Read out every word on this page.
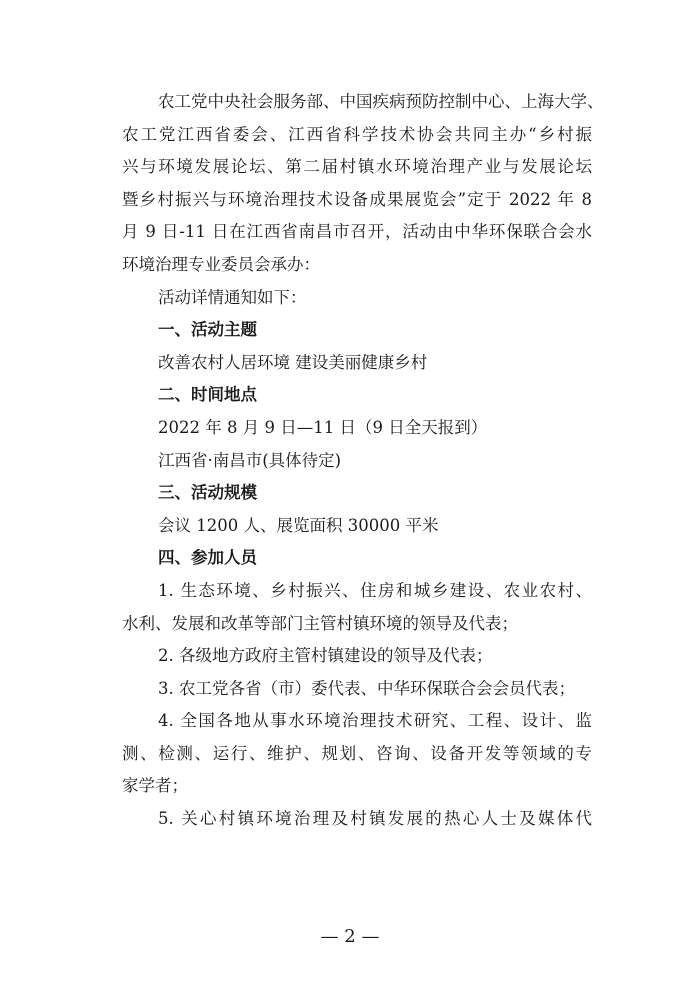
农工党中央社会服务部、中国疾病预防控制中心、上海大学、

农工党江西省委会、江西省科学技术协会共同主办“乡村振

兴与环境发展论坛、第二届村镇水环境治理产业与发展论坛

暨乡村振兴与环境治理技术设备成果展览会”定于 2022 年 8

月 9 日-11 日在江西省南昌市召开，活动由中华环保联合会水

环境治理专业委员会承办：

活动详情通知如下：

一、活动主题

改善农村人居环境 建设美丽健康乡村

二、时间地点

2022 年 8 月 9 日—11 日（9 日全天报到）

江西省·南昌市(具体待定)

三、活动规模

会议 1200 人、展览面积 30000 平米

四、参加人员

1. 生态环境、乡村振兴、住房和城乡建设、农业农村、

水利、发展和改革等部门主管村镇环境的领导及代表；

2. 各级地方政府主管村镇建设的领导及代表；

3. 农工党各省（市）委代表、中华环保联合会会员代表；

4. 全国各地从事水环境治理技术研究、工程、设计、监

测、检测、运行、维护、规划、咨询、设备开发等领域的专

家学者；

5. 关心村镇环境治理及村镇发展的热心人士及媒体代

— 2 —
